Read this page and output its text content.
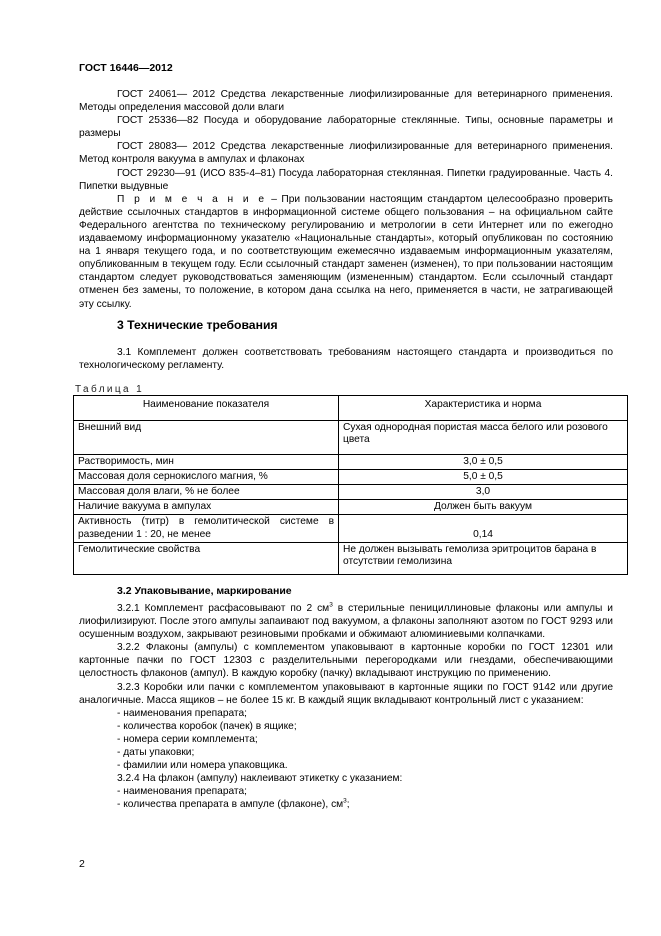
ГОСТ 16446—2012

ГОСТ 24061— 2012 Средства лекарственные лиофилизированные для ветеринарного применения. Методы определения массовой доли влаги

ГОСТ 25336—82 Посуда и оборудование лабораторные стеклянные. Типы, основные параметры и размеры

ГОСТ 28083— 2012 Средства лекарственные лиофилизированные для ветеринарного применения. Метод контроля вакуума в ампулах и флаконах

ГОСТ 29230—91 (ИСО 835-4–81) Посуда лабораторная стеклянная. Пипетки градуированные. Часть 4. Пипетки выдувные

П р и м е ч а н и е – При пользовании настоящим стандартом целесообразно проверить действие ссылочных стандартов в информационной системе общего пользования – на официальном сайте Федерального агентства по техническому регулированию и метрологии в сети Интернет или по ежегодно издаваемому информационному указателю «Национальные стандарты», который опубликован по состоянию на 1 января текущего года, и по соответствующим ежемесячно издаваемым информационным указателям, опубликованным в текущем году. Если ссылочный стандарт заменен (изменен), то при пользовании настоящим стандартом следует руководствоваться заменяющим (измененным) стандартом. Если ссылочный стандарт отменен без замены, то положение, в котором дана ссылка на него, применяется в части, не затрагивающей эту ссылку.

3 Технические требования

3.1 Комплемент должен соответствовать требованиям настоящего стандарта и производиться по технологическому регламенту.

Таблица 1
Наименование показателя	Характеристика и норма
Внешний вид	Сухая однородная пористая масса белого или розового цвета
Растворимость, мин	3,0 ± 0,5
Массовая доля сернокислого магния, %	5,0 ± 0,5
Массовая доля влаги, % не более	3,0
Наличие вакуума в ампулах	Должен быть вакуум
Активность (титр) в гемолитической системе в разведении 1 : 20, не менее	0,14
Гемолитические свойства	Не должен вызывать гемолиза эритроцитов барана в отсутствии гемолизина
3.2 Упаковывание, маркирование

3.2.1 Комплемент расфасовывают по 2 $см^3$ в стерильные пенициллиновые флаконы или ампулы и лиофилизируют. После этого ампулы запаивают под вакуумом, а флаконы заполняют азотом по ГОСТ 9293 или осушенным воздухом, закрывают резиновыми пробками и обжимают алюминиевыми колпачками.

3.2.2 Флаконы (ампулы) с комплементом упаковывают в картонные коробки по ГОСТ 12301 или картонные пачки по ГОСТ 12303 с разделительными перегородками или гнездами, обеспечивающими целостность флаконов (ампул). В каждую коробку (пачку) вкладывают инструкцию по применению.

3.2.3 Коробки или пачки с комплементом упаковывают в картонные ящики по ГОСТ 9142 или другие аналогичные. Масса ящиков – не более 15 кг. В каждый ящик вкладывают контрольный лист с указанием:

- наименования препарата;
- количества коробок (пачек) в ящике;
- номера серии комплемента;
- даты упаковки;
- фамилии или номера упаковщика.

3.2.4 На флакон (ампулу) наклеивают этикетку с указанием:

- наименования препарата;
- количества препарата в ампуле (флаконе), $см^3$;
2
